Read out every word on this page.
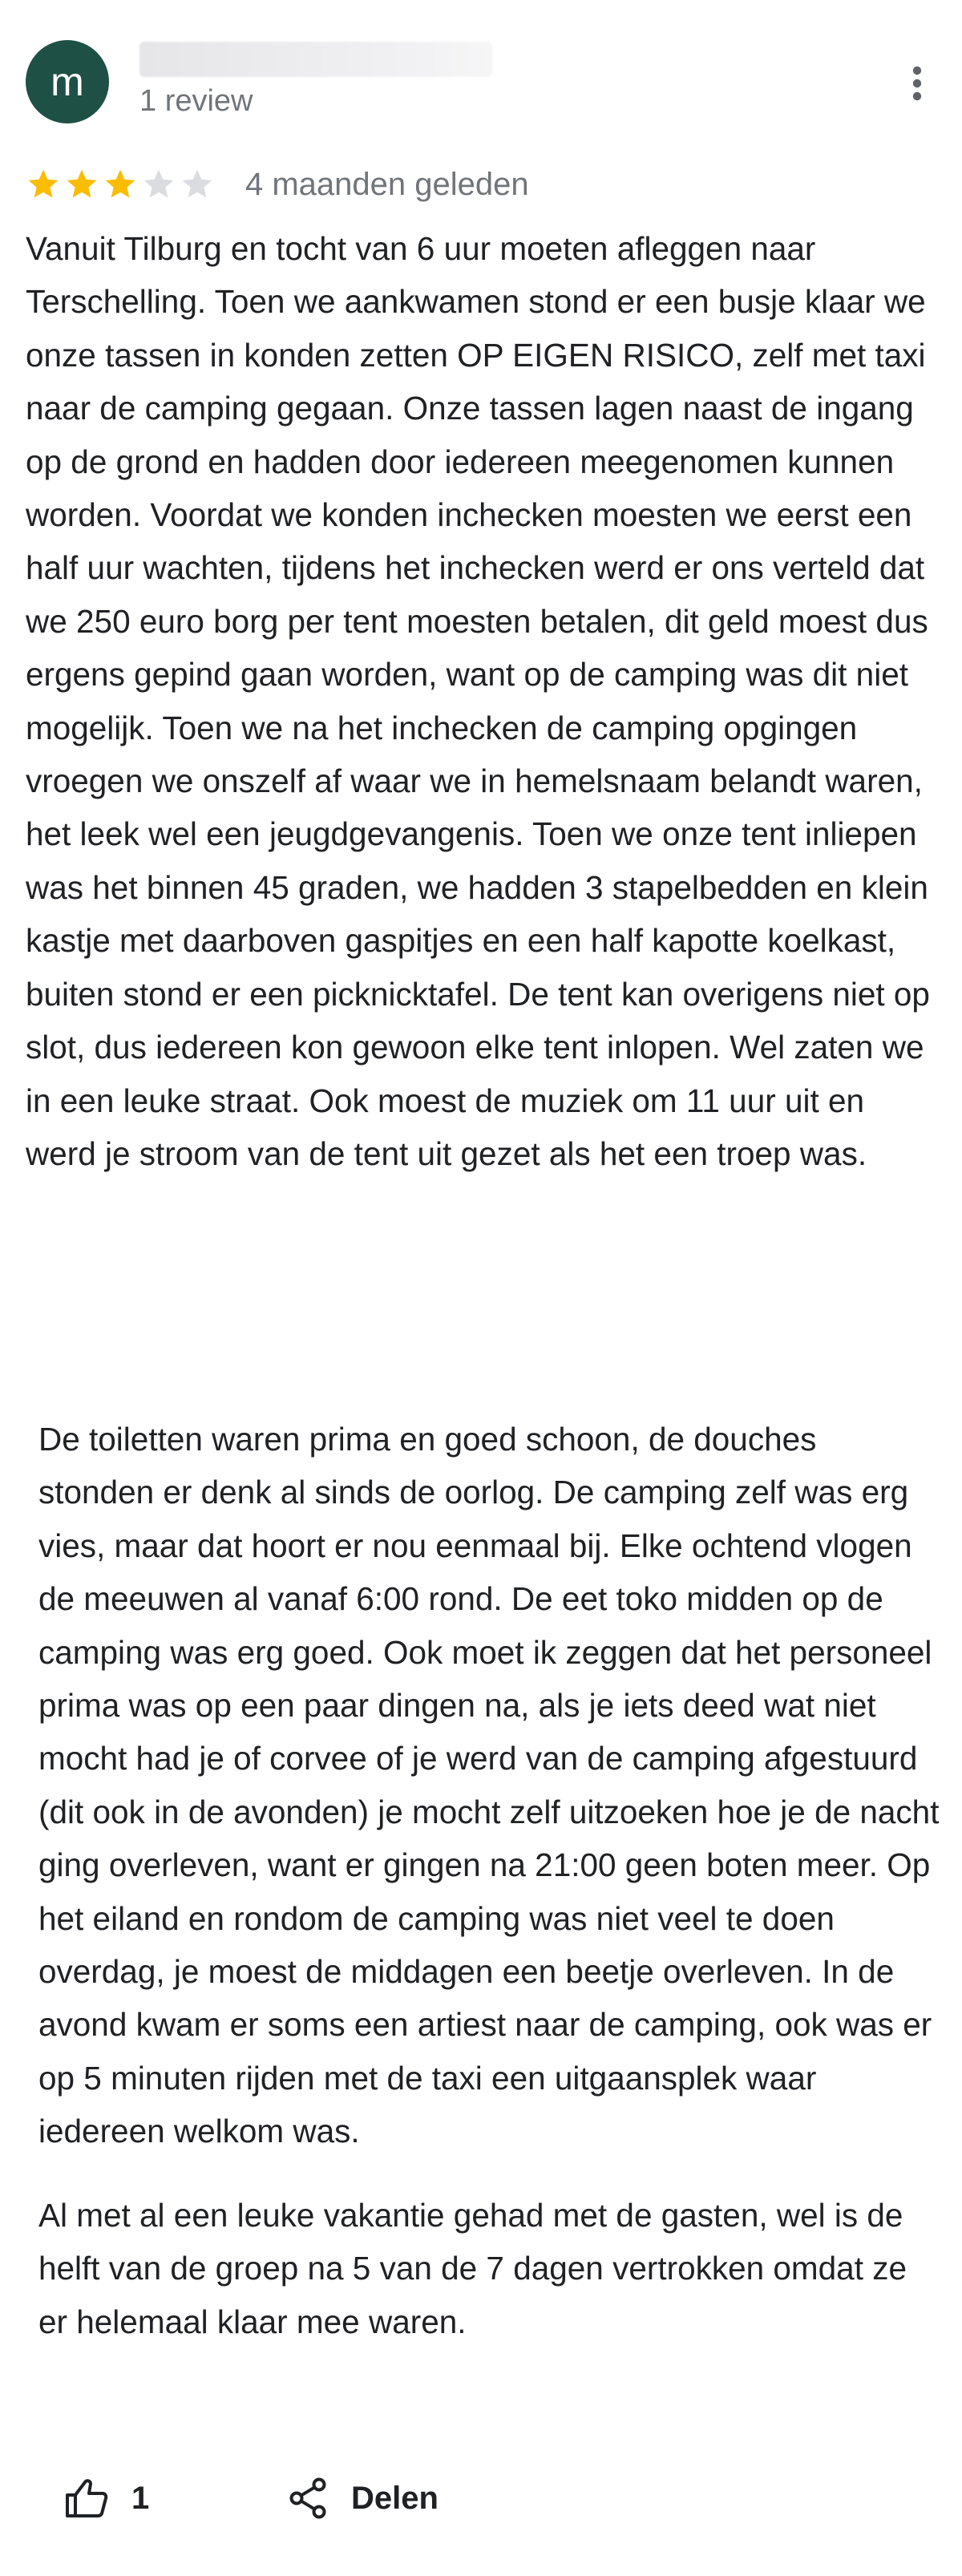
m	1 review
4 maanden geleden

Vanuit Tilburg en tocht van 6 uur moeten afleggen naar Terschelling. Toen we aankwamen stond er een busje klaar we onze tassen in konden zetten OP EIGEN RISICO, zelf met taxi naar de camping gegaan. Onze tassen lagen naast de ingang op de grond en hadden door iedereen meegenomen kunnen worden. Voordat we konden inchecken moesten we eerst een half uur wachten, tijdens het inchecken werd er ons verteld dat we 250 euro borg per tent moesten betalen, dit geld moest dus ergens gepind gaan worden, want op de camping was dit niet mogelijk. Toen we na het inchecken de camping opgingen vroegen we onszelf af waar we in hemelsnaam belandt waren, het leek wel een jeugdgevangenis. Toen we onze tent inliepen was het binnen 45 graden, we hadden 3 stapelbedden en klein kastje met daarboven gaspitjes en een half kapotte koelkast, buiten stond er een picknicktafel. De tent kan overigens niet op slot, dus iedereen kon gewoon elke tent inlopen. Wel zaten we in een leuke straat. Ook moest de muziek om 11 uur uit en werd je stroom van de tent uit gezet als het een troep was.

De toiletten waren prima en goed schoon, de douches stonden er denk al sinds de oorlog. De camping zelf was erg vies, maar dat hoort er nou eenmaal bij. Elke ochtend vlogen de meeuwen al vanaf 6:00 rond. De eet toko midden op de camping was erg goed. Ook moet ik zeggen dat het personeel prima was op een paar dingen na, als je iets deed wat niet mocht had je of corvee of je werd van de camping afgestuurd (dit ook in de avonden) je mocht zelf uitzoeken hoe je de nacht ging overleven, want er gingen na 21:00 geen boten meer. Op het eiland en rondom de camping was niet veel te doen overdag, je moest de middagen een beetje overleven. In de avond kwam er soms een artiest naar de camping, ook was er op 5 minuten rijden met de taxi een uitgaansplek waar iedereen welkom was.

Al met al een leuke vakantie gehad met de gasten, wel is de helft van de groep na 5 van de 7 dagen vertrokken omdat ze er helemaal klaar mee waren.

1	Delen
